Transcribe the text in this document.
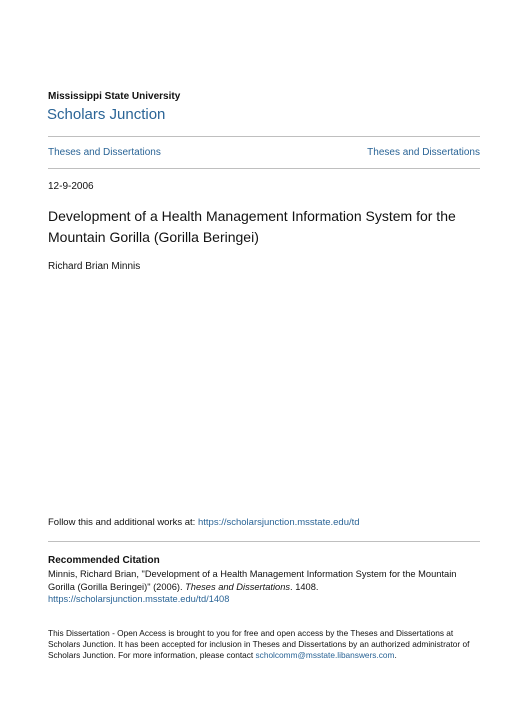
Mississippi State University
Scholars Junction
Theses and Dissertations	Theses and Dissertations
12-9-2006
Development of a Health Management Information System for the Mountain Gorilla (Gorilla Beringei)
Richard Brian Minnis
Follow this and additional works at: https://scholarsjunction.msstate.edu/td
Recommended Citation
Minnis, Richard Brian, "Development of a Health Management Information System for the Mountain Gorilla (Gorilla Beringei)" (2006). Theses and Dissertations. 1408.
https://scholarsjunction.msstate.edu/td/1408
This Dissertation - Open Access is brought to you for free and open access by the Theses and Dissertations at Scholars Junction. It has been accepted for inclusion in Theses and Dissertations by an authorized administrator of Scholars Junction. For more information, please contact scholcomm@msstate.libanswers.com.
